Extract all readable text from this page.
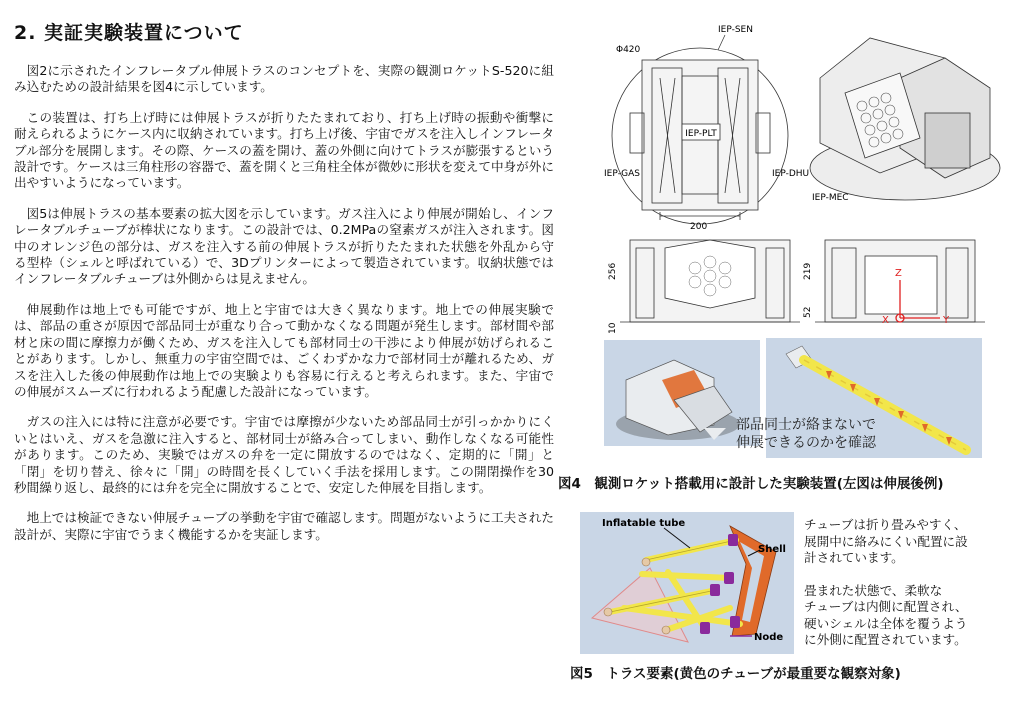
2. 実証実験装置について

図2に示されたインフレータブル伸展トラスのコンセプトを、実際の観測ロケットS-520に組み込むための設計結果を図4に示しています。

この装置は、打ち上げ時には伸展トラスが折りたたまれており、打ち上げ時の振動や衝撃に耐えられるようにケース内に収納されています。打ち上げ後、宇宙でガスを注入しインフレータブル部分を展開します。その際、ケースの蓋を開け、蓋の外側に向けてトラスが膨張するという設計です。ケースは三角柱形の容器で、蓋を開くと三角柱全体が微妙に形状を変えて中身が外に出やすいようになっています。

図5は伸展トラスの基本要素の拡大図を示しています。ガス注入により伸展が開始し、インフレータブルチューブが棒状になります。この設計では、0.2MPaの窒素ガスが注入されます。図中のオレンジ色の部分は、ガスを注入する前の伸展トラスが折りたたまれた状態を外乱から守る型枠（シェルと呼ばれている）で、3Dプリンターによって製造されています。収納状態ではインフレータブルチューブは外側からは見えません。

伸展動作は地上でも可能ですが、地上と宇宙では大きく異なります。地上での伸展実験では、部品の重さが原因で部品同士が重なり合って動かなくなる問題が発生します。部材間や部材と床の間に摩擦力が働くため、ガスを注入しても部材同士の干渉により伸展が妨げられることがあります。しかし、無重力の宇宙空間では、ごくわずかな力で部材同士が離れるため、ガスを注入した後の伸展動作は地上での実験よりも容易に行えると考えられます。また、宇宙での伸展がスムーズに行われるよう配慮した設計になっています。

ガスの注入には特に注意が必要です。宇宙では摩擦が少ないため部品同士が引っかかりにくいとはいえ、ガスを急激に注入すると、部材同士が絡み合ってしまい、動作しなくなる可能性があります。このため、実験ではガスの弁を一定に開放するのではなく、定期的に「開」と「閉」を切り替え、徐々に「開」の時間を長くしていく手法を採用します。この開閉操作を30秒間繰り返し、最終的には弁を完全に開放することで、安定した伸展を目指します。

地上では検証できない伸展チューブの挙動を宇宙で確認します。問題がないように工夫された設計が、実際に宇宙でうまく機能するかを実証します。

IEP-PLT
IEP-SEN
Φ420
IEP-GAS	IEP-DHU
200
IEP-MEC
256
10
219
52
Z
X	Y
部品同士が絡まないで
伸展できるのかを確認
図4　観測ロケット搭載用に設計した実験装置(左図は伸展後例)
Inflatable tube
Shell
Node

チューブは折り畳みやすく、
展開中に絡みにくい配置に設
計されています。

畳まれた状態で、柔軟な
チューブは内側に配置され、
硬いシェルは全体を覆うよう
に外側に配置されています。

図5　トラス要素(黄色のチューブが最重要な観察対象)
